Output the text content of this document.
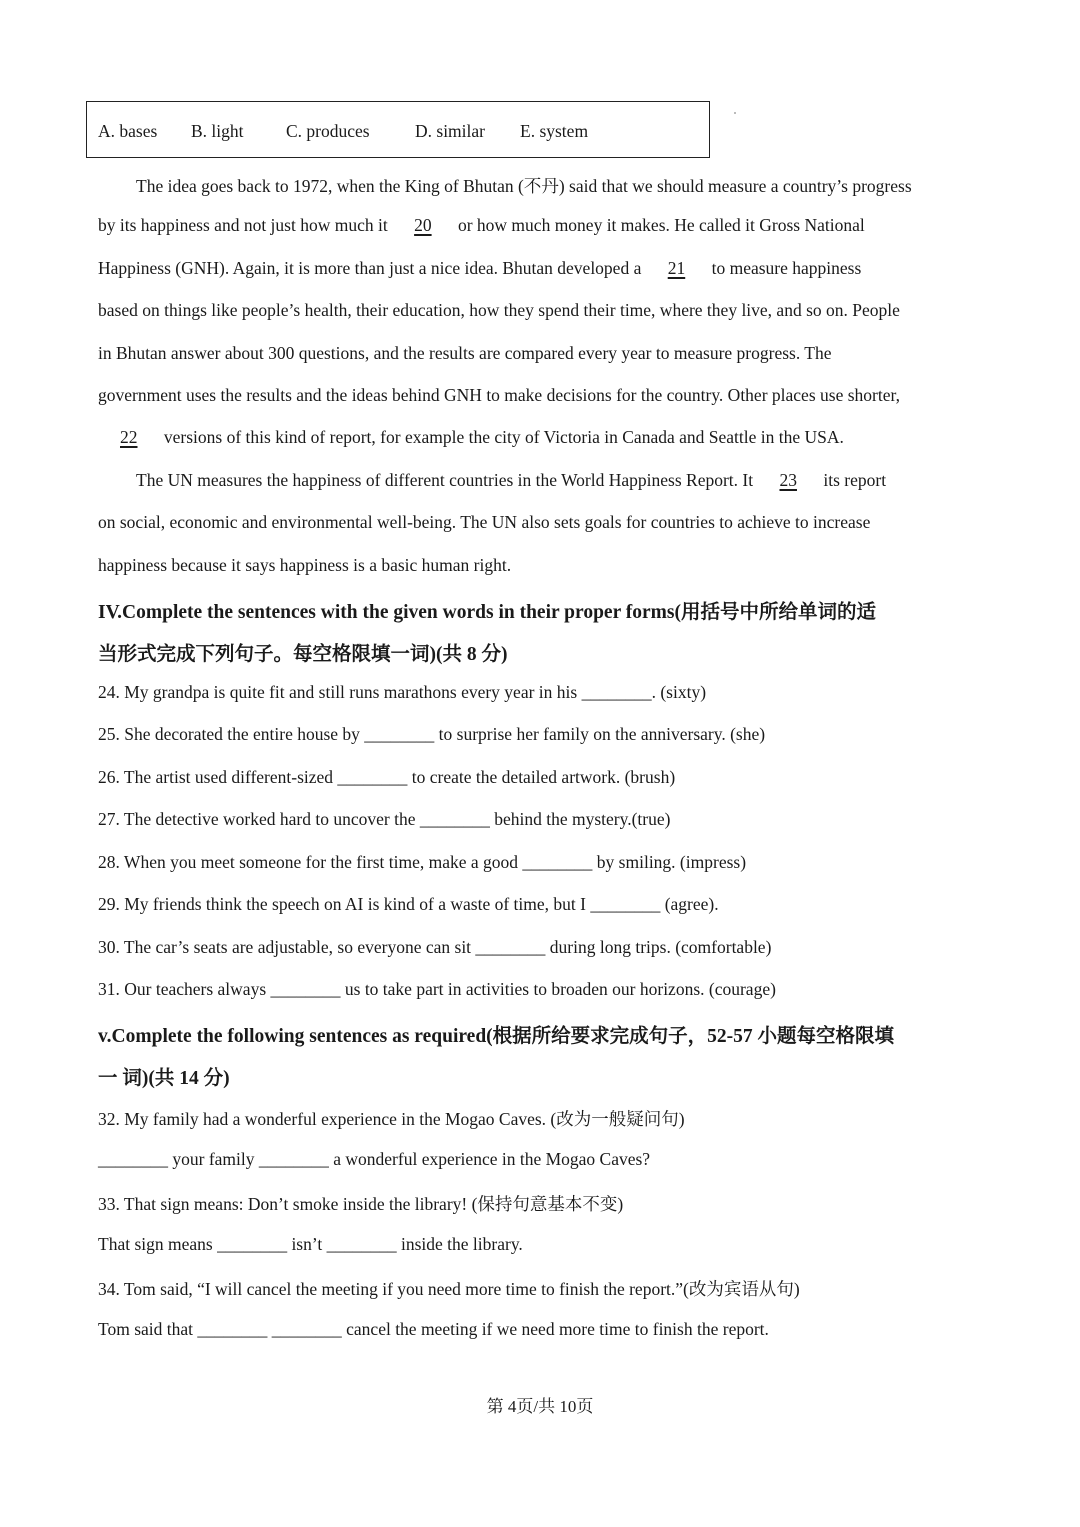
A. bases B. light C. produces	D. similar E. system
The idea goes back to 1972, when the King of Bhutan (不丹) said that we should measure a country’s progress
by its happiness and not just how much it 20 or how much money it makes. He called it Gross National
Happiness (GNH). Again, it is more than just a nice idea. Bhutan developed a 21 to measure happiness
based on things like people’s health, their education, how they spend their time, where they live, and so on. People
in Bhutan answer about 300 questions, and the results are compared every year to measure progress. The
government uses the results and the ideas behind GNH to make decisions for the country. Other places use shorter,
22 versions of this kind of report, for example the city of Victoria in Canada and Seattle in the USA.
The UN measures the happiness of different countries in the World Happiness Report. It 23 its report
on social, economic and environmental well-being. The UN also sets goals for countries to achieve to increase
happiness because it says happiness is a basic human right.
IV.Complete the sentences with the given words in their proper forms(用括号中所给单词的适
当形式完成下列句子。每空格限填一词)(共 8 分)
24. My grandpa is quite fit and still runs marathons every year in his ________. (sixty)
25. She decorated the entire house by ________ to surprise her family on the anniversary. (she)
26. The artist used different-sized ________ to create the detailed artwork. (brush)
27. The detective worked hard to uncover the ________ behind the mystery.(true)
28. When you meet someone for the first time, make a good ________ by smiling. (impress)
29. My friends think the speech on AI is kind of a waste of time, but I ________ (agree).
30. The car’s seats are adjustable, so everyone can sit ________ during long trips. (comfortable)
31. Our teachers always ________ us to take part in activities to broaden our horizons. (courage)
v.Complete the following sentences as required(根据所给要求完成句子，52-57 小题每空格限填
一 词)(共 14 分)
32. My family had a wonderful experience in the Mogao Caves. (改为一般疑问句)
________ your family ________ a wonderful experience in the Mogao Caves?
33. That sign means: Don’t smoke inside the library! (保持句意基本不变)
That sign means ________ isn’t ________ inside the library.
34. Tom said, “I will cancel the meeting if you need more time to finish the report.”(改为宾语从句)
Tom said that ________ ________ cancel the meeting if we need more time to finish the report.
第 4页/共 10页
